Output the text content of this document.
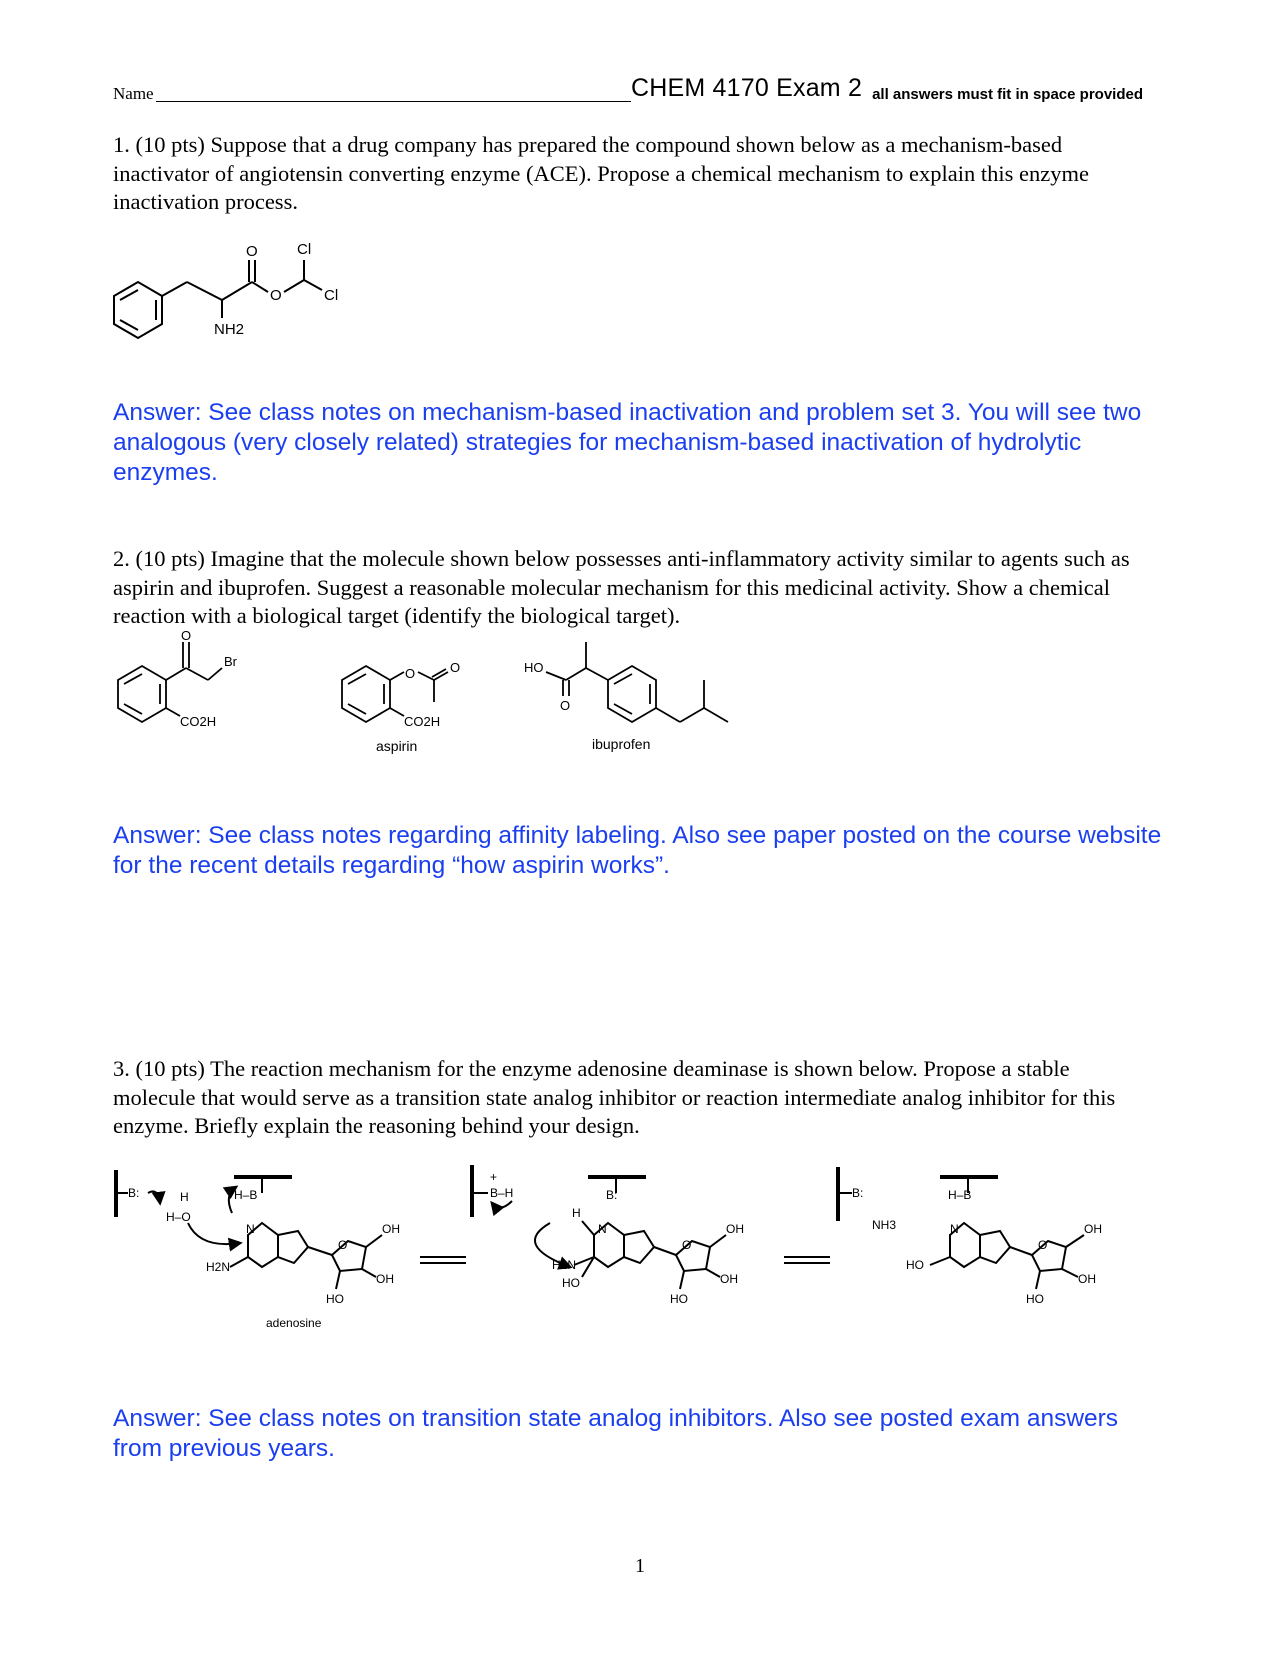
Name	CHEM 4170 Exam 2 all answers must fit in space provided

1. (10 pts) Suppose that a drug company has prepared the compound shown below as a mechanism-based inactivator of angiotensin converting enzyme (ACE). Propose a chemical mechanism to explain this enzyme inactivation process.

O	Cl
O	Cl
NH2

Answer: See class notes on mechanism-based inactivation and problem set 3. You will see two analogous (very closely related) strategies for mechanism-based inactivation of hydrolytic enzymes.

2. (10 pts) Imagine that the molecule shown below possesses anti-inflammatory activity similar to agents such as aspirin and ibuprofen. Suggest a reasonable molecular mechanism for this medicinal activity. Show a chemical reaction with a biological target (identify the biological target).

O
Br
CO2H
O	O
CO2H
aspirin
HO
O
ibuprofen

Answer: See class notes regarding affinity labeling. Also see paper posted on the course website for the recent details regarding “how aspirin works”.

3. (10 pts) The reaction mechanism for the enzyme adenosine deaminase is shown below. Propose a stable molecule that would serve as a transition state analog inhibitor or reaction intermediate analog inhibitor for this enzyme. Briefly explain the reasoning behind your design.

B:	H
H–O
H–B
N	OH
O
H2N
OH
HO
adenosine
+
B–H	B:
H
N	OH
O
H2N
HO	OH
HO
B:
NH3
H–B
N	OH
O
HO
OH
HO

Answer: See class notes on transition state analog inhibitors. Also see posted exam answers from previous years.

1
